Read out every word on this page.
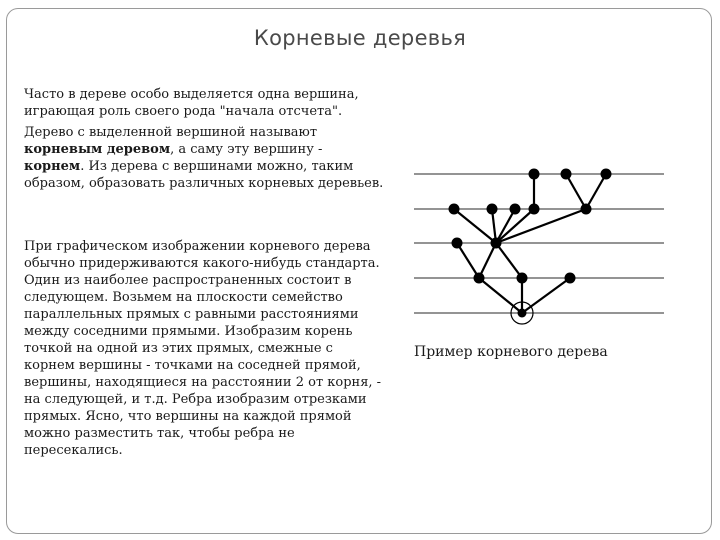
Корневые деревья

Часто в дереве особо выделяется одна вершина, играющая роль своего рода "начала отсчета".

Дерево с выделенной вершиной называют корневым деревом, а саму эту вершину - корнем. Из дерева с вершинами можно, таким образом, образовать различных корневых деревьев.

При графическом изображении корневого дерева обычно придерживаются какого-нибудь стандарта. Один из наиболее распространенных состоит в следующем. Возьмем на плоскости семейство параллельных прямых с равными расстояниями между соседними прямыми. Изобразим корень точкой на одной из этих прямых, смежные с корнем вершины - точками на соседней прямой, вершины, находящиеся на расстоянии 2 от корня, - на следующей, и т.д. Ребра изобразим отрезками прямых. Ясно, что вершины на каждой прямой можно разместить так, чтобы ребра не пересекались.

Пример корневого дерева
